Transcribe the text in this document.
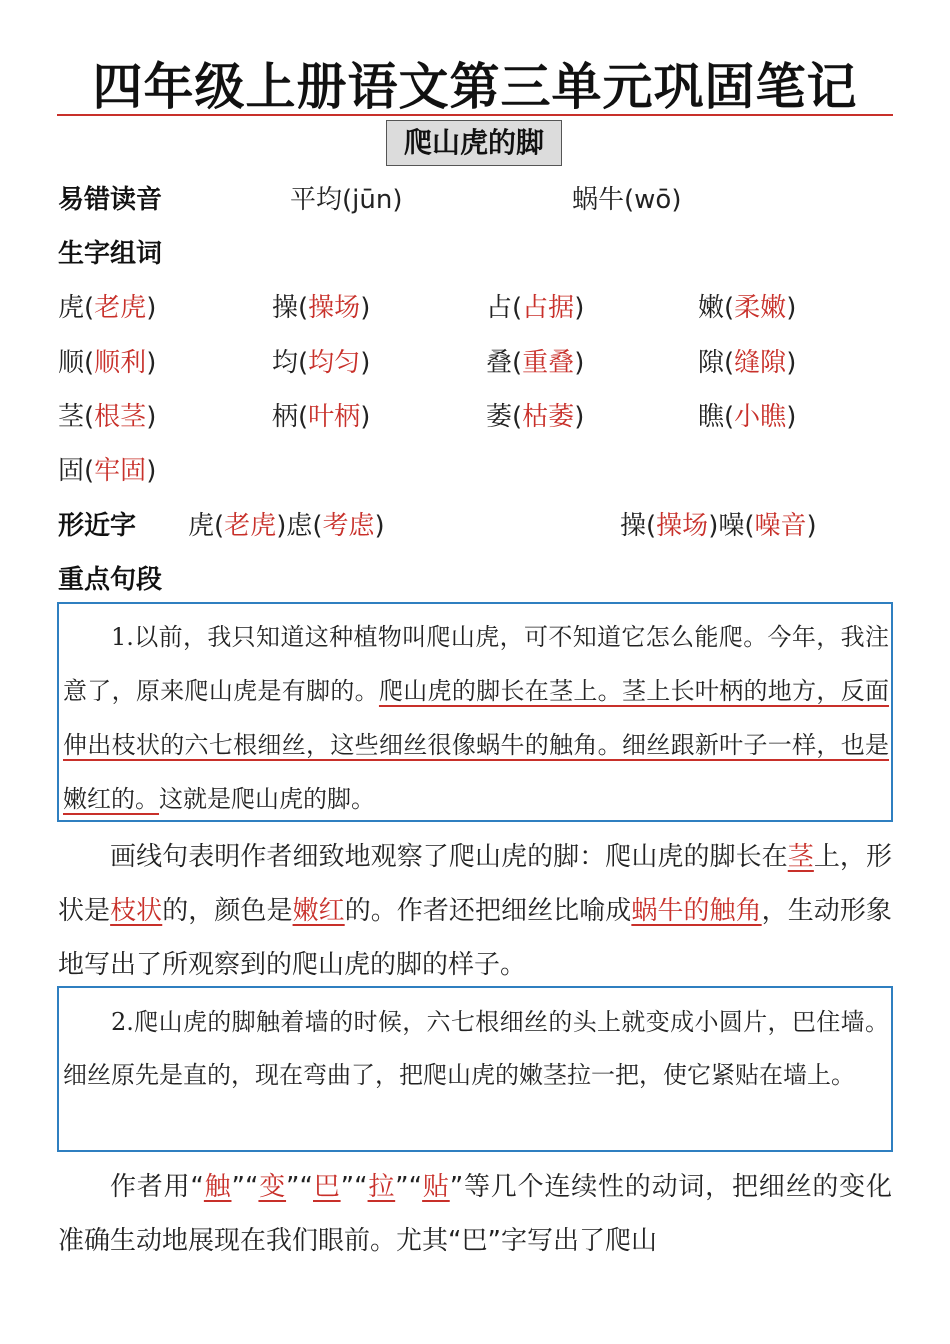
四年级上册语文第三单元巩固笔记
爬山虎的脚
易错读音	平均(jūn)	蜗牛(wō)
生字组词
虎(老虎)	操(操场)	占(占据)	嫩(柔嫩)
顺(顺利)	均(均匀)	叠(重叠)	隙(缝隙)
茎(根茎)	柄(叶柄)	萎(枯萎)	瞧(小瞧)
固(牢固)
形近字 虎(老虎)虑(考虑)	操(操场)噪(噪音)
重点句段

1.以前，我只知道这种植物叫爬山虎，可不知道它怎么能爬。今年，我注意了，原来爬山虎是有脚的。爬山虎的脚长在茎上。茎上长叶柄的地方，反面伸出枝状的六七根细丝，这些细丝很像蜗牛的触角。细丝跟新叶子一样，也是嫩红的。这就是爬山虎的脚。

画线句表明作者细致地观察了爬山虎的脚：爬山虎的脚长在茎上，形状是枝状的，颜色是嫩红的。作者还把细丝比喻成蜗牛的触角，生动形象地写出了所观察到的爬山虎的脚的样子。

2.爬山虎的脚触着墙的时候，六七根细丝的头上就变成小圆片，巴住墙。细丝原先是直的，现在弯曲了，把爬山虎的嫩茎拉一把，使它紧贴在墙上。

作者用“触”“变”“巴”“拉”“贴”等几个连续性的动词，把细丝的变化准确生动地展现在我们眼前。尤其“巴”字写出了爬山
